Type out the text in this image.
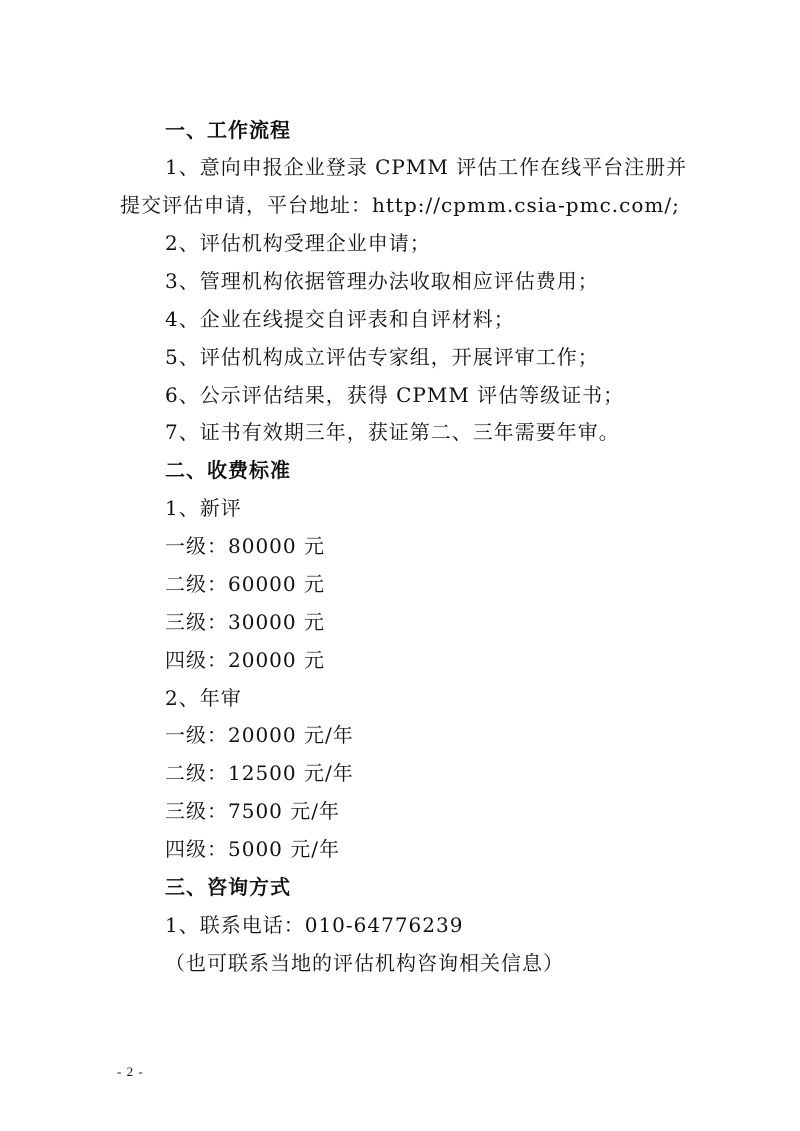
一、工作流程
1、意向申报企业登录 CPMM 评估工作在线平台注册并
提交评估申请，平台地址：http://cpmm.csia-pmc.com/;
2、评估机构受理企业申请；
3、管理机构依据管理办法收取相应评估费用；
4、企业在线提交自评表和自评材料；
5、评估机构成立评估专家组，开展评审工作；
6、公示评估结果，获得 CPMM 评估等级证书；
7、证书有效期三年，获证第二、三年需要年审。
二、收费标准
1、新评
一级：80000 元
二级：60000 元
三级：30000 元
四级：20000 元
2、年审
一级：20000 元/年
二级：12500 元/年
三级：7500 元/年
四级：5000 元/年
三、咨询方式
1、联系电话：010-64776239
（也可联系当地的评估机构咨询相关信息）
- 2 -
